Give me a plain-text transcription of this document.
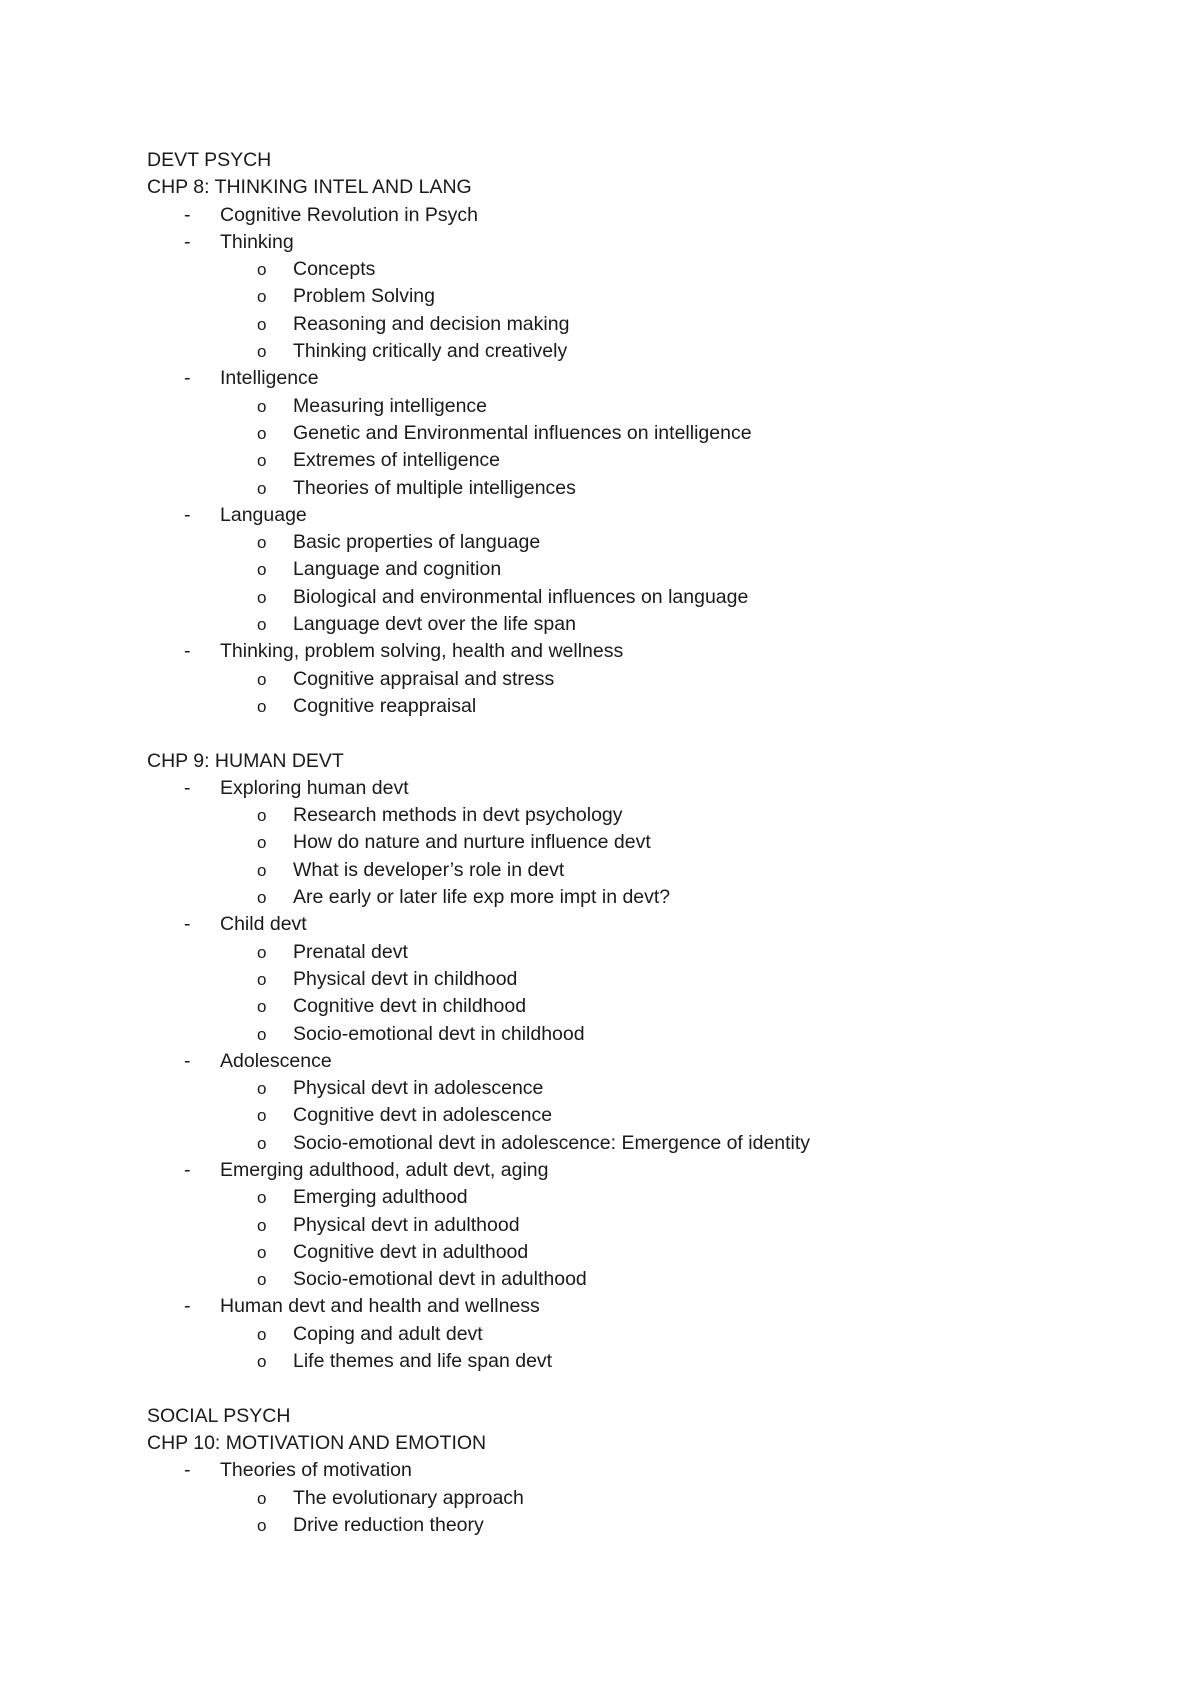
DEVT PSYCH
CHP 8: THINKING INTEL AND LANG
- Cognitive Revolution in Psych
- Thinking
o Concepts
o Problem Solving
o Reasoning and decision making
o Thinking critically and creatively
- Intelligence
o Measuring intelligence
o Genetic and Environmental influences on intelligence
o Extremes of intelligence
o Theories of multiple intelligences
- Language
o Basic properties of language
o Language and cognition
o Biological and environmental influences on language
o Language devt over the life span
- Thinking, problem solving, health and wellness
o Cognitive appraisal and stress
o Cognitive reappraisal
CHP 9: HUMAN DEVT
- Exploring human devt
o Research methods in devt psychology
o How do nature and nurture influence devt
o What is developer’s role in devt
o Are early or later life exp more impt in devt?
- Child devt
o Prenatal devt
o Physical devt in childhood
o Cognitive devt in childhood
o Socio-emotional devt in childhood
- Adolescence
o Physical devt in adolescence
o Cognitive devt in adolescence
o Socio-emotional devt in adolescence: Emergence of identity
- Emerging adulthood, adult devt, aging
o Emerging adulthood
o Physical devt in adulthood
o Cognitive devt in adulthood
o Socio-emotional devt in adulthood
- Human devt and health and wellness
o Coping and adult devt
o Life themes and life span devt
SOCIAL PSYCH
CHP 10: MOTIVATION AND EMOTION
- Theories of motivation
o The evolutionary approach
o Drive reduction theory
